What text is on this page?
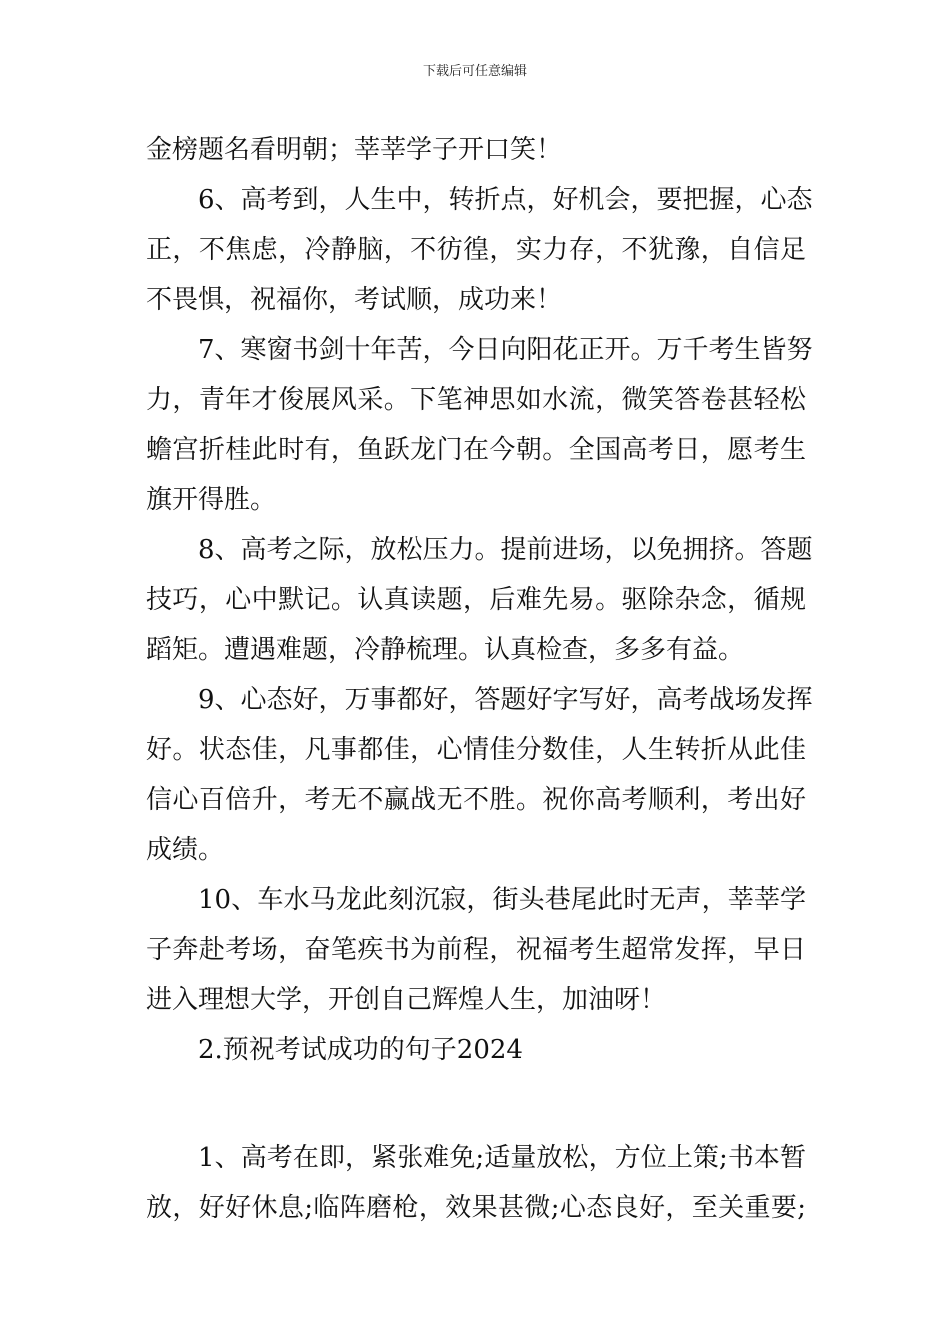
下载后可任意编辑
金榜题名看明朝；莘莘学子开口笑！
6、高考到，人生中，转折点，好机会，要把握，心态
正，不焦虑，冷静脑，不彷徨，实力存，不犹豫，自信足
不畏惧，祝福你，考试顺，成功来！
7、寒窗书剑十年苦，今日向阳花正开。万千考生皆努
力，青年才俊展风采。下笔神思如水流，微笑答卷甚轻松
蟾宫折桂此时有，鱼跃龙门在今朝。全国高考日，愿考生
旗开得胜。
8、高考之际，放松压力。提前进场，以免拥挤。答题
技巧，心中默记。认真读题，后难先易。驱除杂念，循规
蹈矩。遭遇难题，冷静梳理。认真检查，多多有益。
9、心态好，万事都好，答题好字写好，高考战场发挥
好。状态佳，凡事都佳，心情佳分数佳，人生转折从此佳
信心百倍升，考无不赢战无不胜。祝你高考顺利，考出好
成绩。
10、车水马龙此刻沉寂，街头巷尾此时无声，莘莘学
子奔赴考场，奋笔疾书为前程，祝福考生超常发挥，早日
进入理想大学，开创自己辉煌人生，加油呀！
2.预祝考试成功的句子2024
1、高考在即，紧张难免;适量放松，方位上策;书本暂
放，好好休息;临阵磨枪，效果甚微;心态良好，至关重要;
